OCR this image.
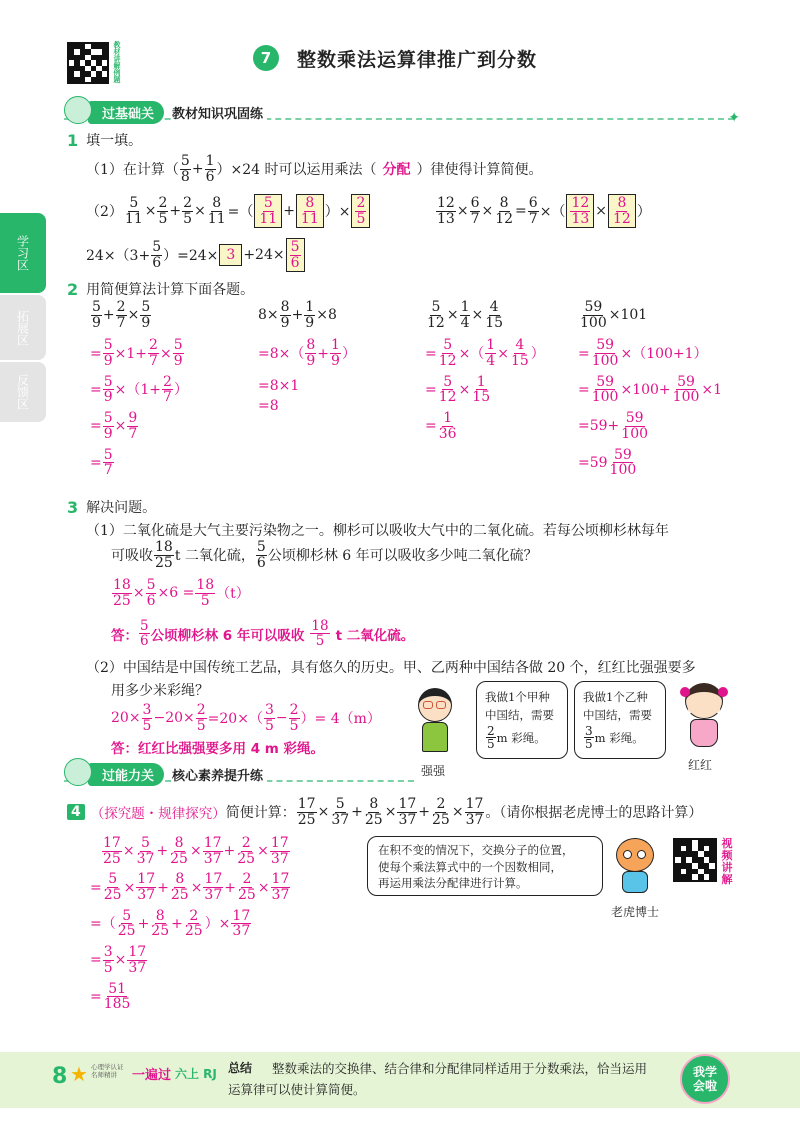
教
材
讲
解
例
题
7	整数乘法运算律推广到分数
学习区
拓展区
反馈区
过基础关	教材知识巩固练	✦
1 填一填。
（1）在计算（ $\frac{5}{8} + \frac{1}{6} )\times 24$ 时可以运用乘法（ 分配 ）律使得计算简便。
$(2) \frac{5}{11} \times \frac{2}{5} + \frac{2}{5} \times \frac{8}{11}$ =（ $\frac{5}{11} + \frac{8}{11}$ ）× $\frac{2}{5}$	$\frac{12}{13} \times \frac{6}{7} \times \frac{8}{12} = \frac{6}{7}$ ×（ $\frac{12}{13} \times \frac{8}{12}$ ）
$24\times(3+ \frac{5}{6} )=24\times 3 +24\times \frac{5}{6}$
2 用简便算法计算下面各题。
$\frac{5}{9} + \frac{2}{7} \times \frac{5}{9}$
= $\frac{5}{9} \times 1+ \frac{2}{7} \times \frac{5}{9}$
= $\frac{5}{9} \times(1+ \frac{2}{7}$ ）
= $\frac{5}{9} \times \frac{9}{7}$
= $\frac{5}{7}$
$8\times \frac{8}{9} + \frac{1}{9} \times 8$
$=8\times( \frac{8}{9} + \frac{1}{9}$ ）
=8×1
=8
$\frac{5}{12} \times \frac{1}{4} \times \frac{4}{15}$
= $\frac{5}{12}$ ×（ $\frac{1}{4} \times \frac{4}{15}$ ）
= $\frac{5}{12} \times \frac{1}{15}$
= $\frac{1}{36}$
$\frac{59}{100} \times 101$
= $\frac{59}{100} \times(100+1)$
= $\frac{59}{100} \times 100+ \frac{59}{100} \times 1$
$=59+ \frac{59}{100}$
$=59 \frac{59}{100}$
3 解决问题。
（1）二氧化硫是大气主要污染物之一。柳杉可以吸收大气中的二氧化硫。若每公顷柳杉林每年
可吸收 $\frac{18}{25}$ t 二氧化硫， $\frac{5}{6}$ 公顷柳杉林 6 年可以吸收多少吨二氧化硫？
$\frac{18}{25} \times \frac{5}{6} \times 6 = \frac{18}{5} (t)$
答： $\frac{5}{6}$ 公顷柳杉林 6 年可以吸收 $\frac{18}{5}$ t 二氧化硫。
（2）中国结是中国传统工艺品，具有悠久的历史。甲、乙两种中国结各做 20 个，红红比强强要多
用多少米彩绳？
$20\times \frac{3}{5} -20\times \frac{2}{5} =20\times( \frac{3}{5} - \frac{2}{5}$ ） = 4（m）
答：红红比强强要多用 4 m 彩绳。
强强
我做1个甲种
中国结，需要
$\frac{2}{5}$ m 彩绳。
我做1个乙种
中国结，需要
$\frac{3}{5}$ m 彩绳。
红红
过能力关	核心素养提升练
4 （探究题・规律探究） 简便计算： $\frac{17}{25} \times \frac{5}{37} + \frac{8}{25} \times \frac{17}{37} + \frac{2}{25} \times \frac{17}{37}$ 。（请你根据老虎博士的思路计算）
$\frac{17}{25} \times \frac{5}{37} + \frac{8}{25} \times \frac{17}{37} + \frac{2}{25} \times \frac{17}{37}$
= $\frac{5}{25} \times \frac{17}{37} + \frac{8}{25} \times \frac{17}{37} + \frac{2}{25} \times \frac{17}{37}$
=（ $\frac{5}{25} + \frac{8}{25} + \frac{2}{25}$ ）× $\frac{17}{37}$
= $\frac{3}{5} \times \frac{17}{37}$
= $\frac{51}{185}$
在积不变的情况下，交换分子的位置，
使每个乘法算式中的一个因数相同，
再运用乘法分配律进行计算。
老虎博士
视
频
讲
解
8 ★ 心理学认证
名师精讲	一遍过 六上 RJ 总结 整数乘法的交换律、结合律和分配律同样适用于分数乘法，恰当运用
运算律可以使计算简便。
我学
会啦
